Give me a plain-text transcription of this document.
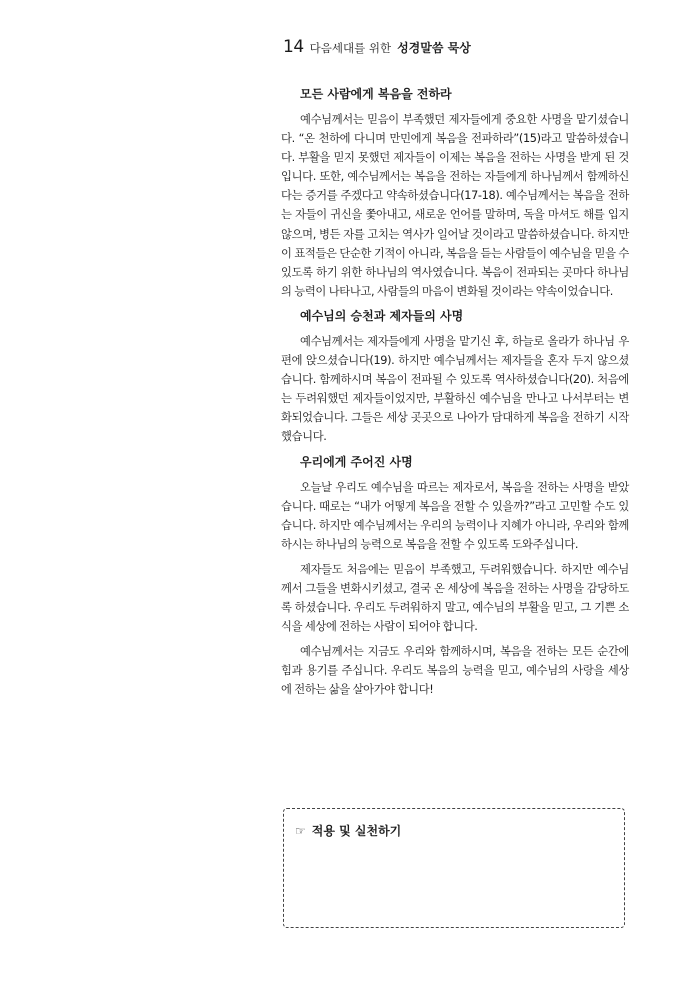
14 다음세대를 위한 성경말씀 묵상
모든 사람에게 복음을 전하라

예수님께서는 믿음이 부족했던 제자들에게 중요한 사명을 맡기셨습니다. “온 천하에 다니며 만민에게 복음을 전파하라”(15)라고 말씀하셨습니다. 부활을 믿지 못했던 제자들이 이제는 복음을 전하는 사명을 받게 된 것입니다. 또한, 예수님께서는 복음을 전하는 자들에게 하나님께서 함께하신다는 증거를 주겠다고 약속하셨습니다(17-18). 예수님께서는 복음을 전하는 자들이 귀신을 쫓아내고, 새로운 언어를 말하며, 독을 마셔도 해를 입지 않으며, 병든 자를 고치는 역사가 일어날 것이라고 말씀하셨습니다. 하지만 이 표적들은 단순한 기적이 아니라, 복음을 듣는 사람들이 예수님을 믿을 수 있도록 하기 위한 하나님의 역사였습니다. 복음이 전파되는 곳마다 하나님의 능력이 나타나고, 사람들의 마음이 변화될 것이라는 약속이었습니다.

예수님의 승천과 제자들의 사명

예수님께서는 제자들에게 사명을 맡기신 후, 하늘로 올라가 하나님 우편에 앉으셨습니다(19). 하지만 예수님께서는 제자들을 혼자 두지 않으셨습니다. 함께하시며 복음이 전파될 수 있도록 역사하셨습니다(20). 처음에는 두려워했던 제자들이었지만, 부활하신 예수님을 만나고 나서부터는 변화되었습니다. 그들은 세상 곳곳으로 나아가 담대하게 복음을 전하기 시작했습니다.

우리에게 주어진 사명

오늘날 우리도 예수님을 따르는 제자로서, 복음을 전하는 사명을 받았습니다. 때로는 “내가 어떻게 복음을 전할 수 있을까?”라고 고민할 수도 있습니다. 하지만 예수님께서는 우리의 능력이나 지혜가 아니라, 우리와 함께하시는 하나님의 능력으로 복음을 전할 수 있도록 도와주십니다.

제자들도 처음에는 믿음이 부족했고, 두려워했습니다. 하지만 예수님께서 그들을 변화시키셨고, 결국 온 세상에 복음을 전하는 사명을 감당하도록 하셨습니다. 우리도 두려워하지 말고, 예수님의 부활을 믿고, 그 기쁜 소식을 세상에 전하는 사람이 되어야 합니다.

예수님께서는 지금도 우리와 함께하시며, 복음을 전하는 모든 순간에 힘과 용기를 주십니다. 우리도 복음의 능력을 믿고, 예수님의 사랑을 세상에 전하는 삶을 살아가야 합니다!

☞ 적용 및 실천하기
